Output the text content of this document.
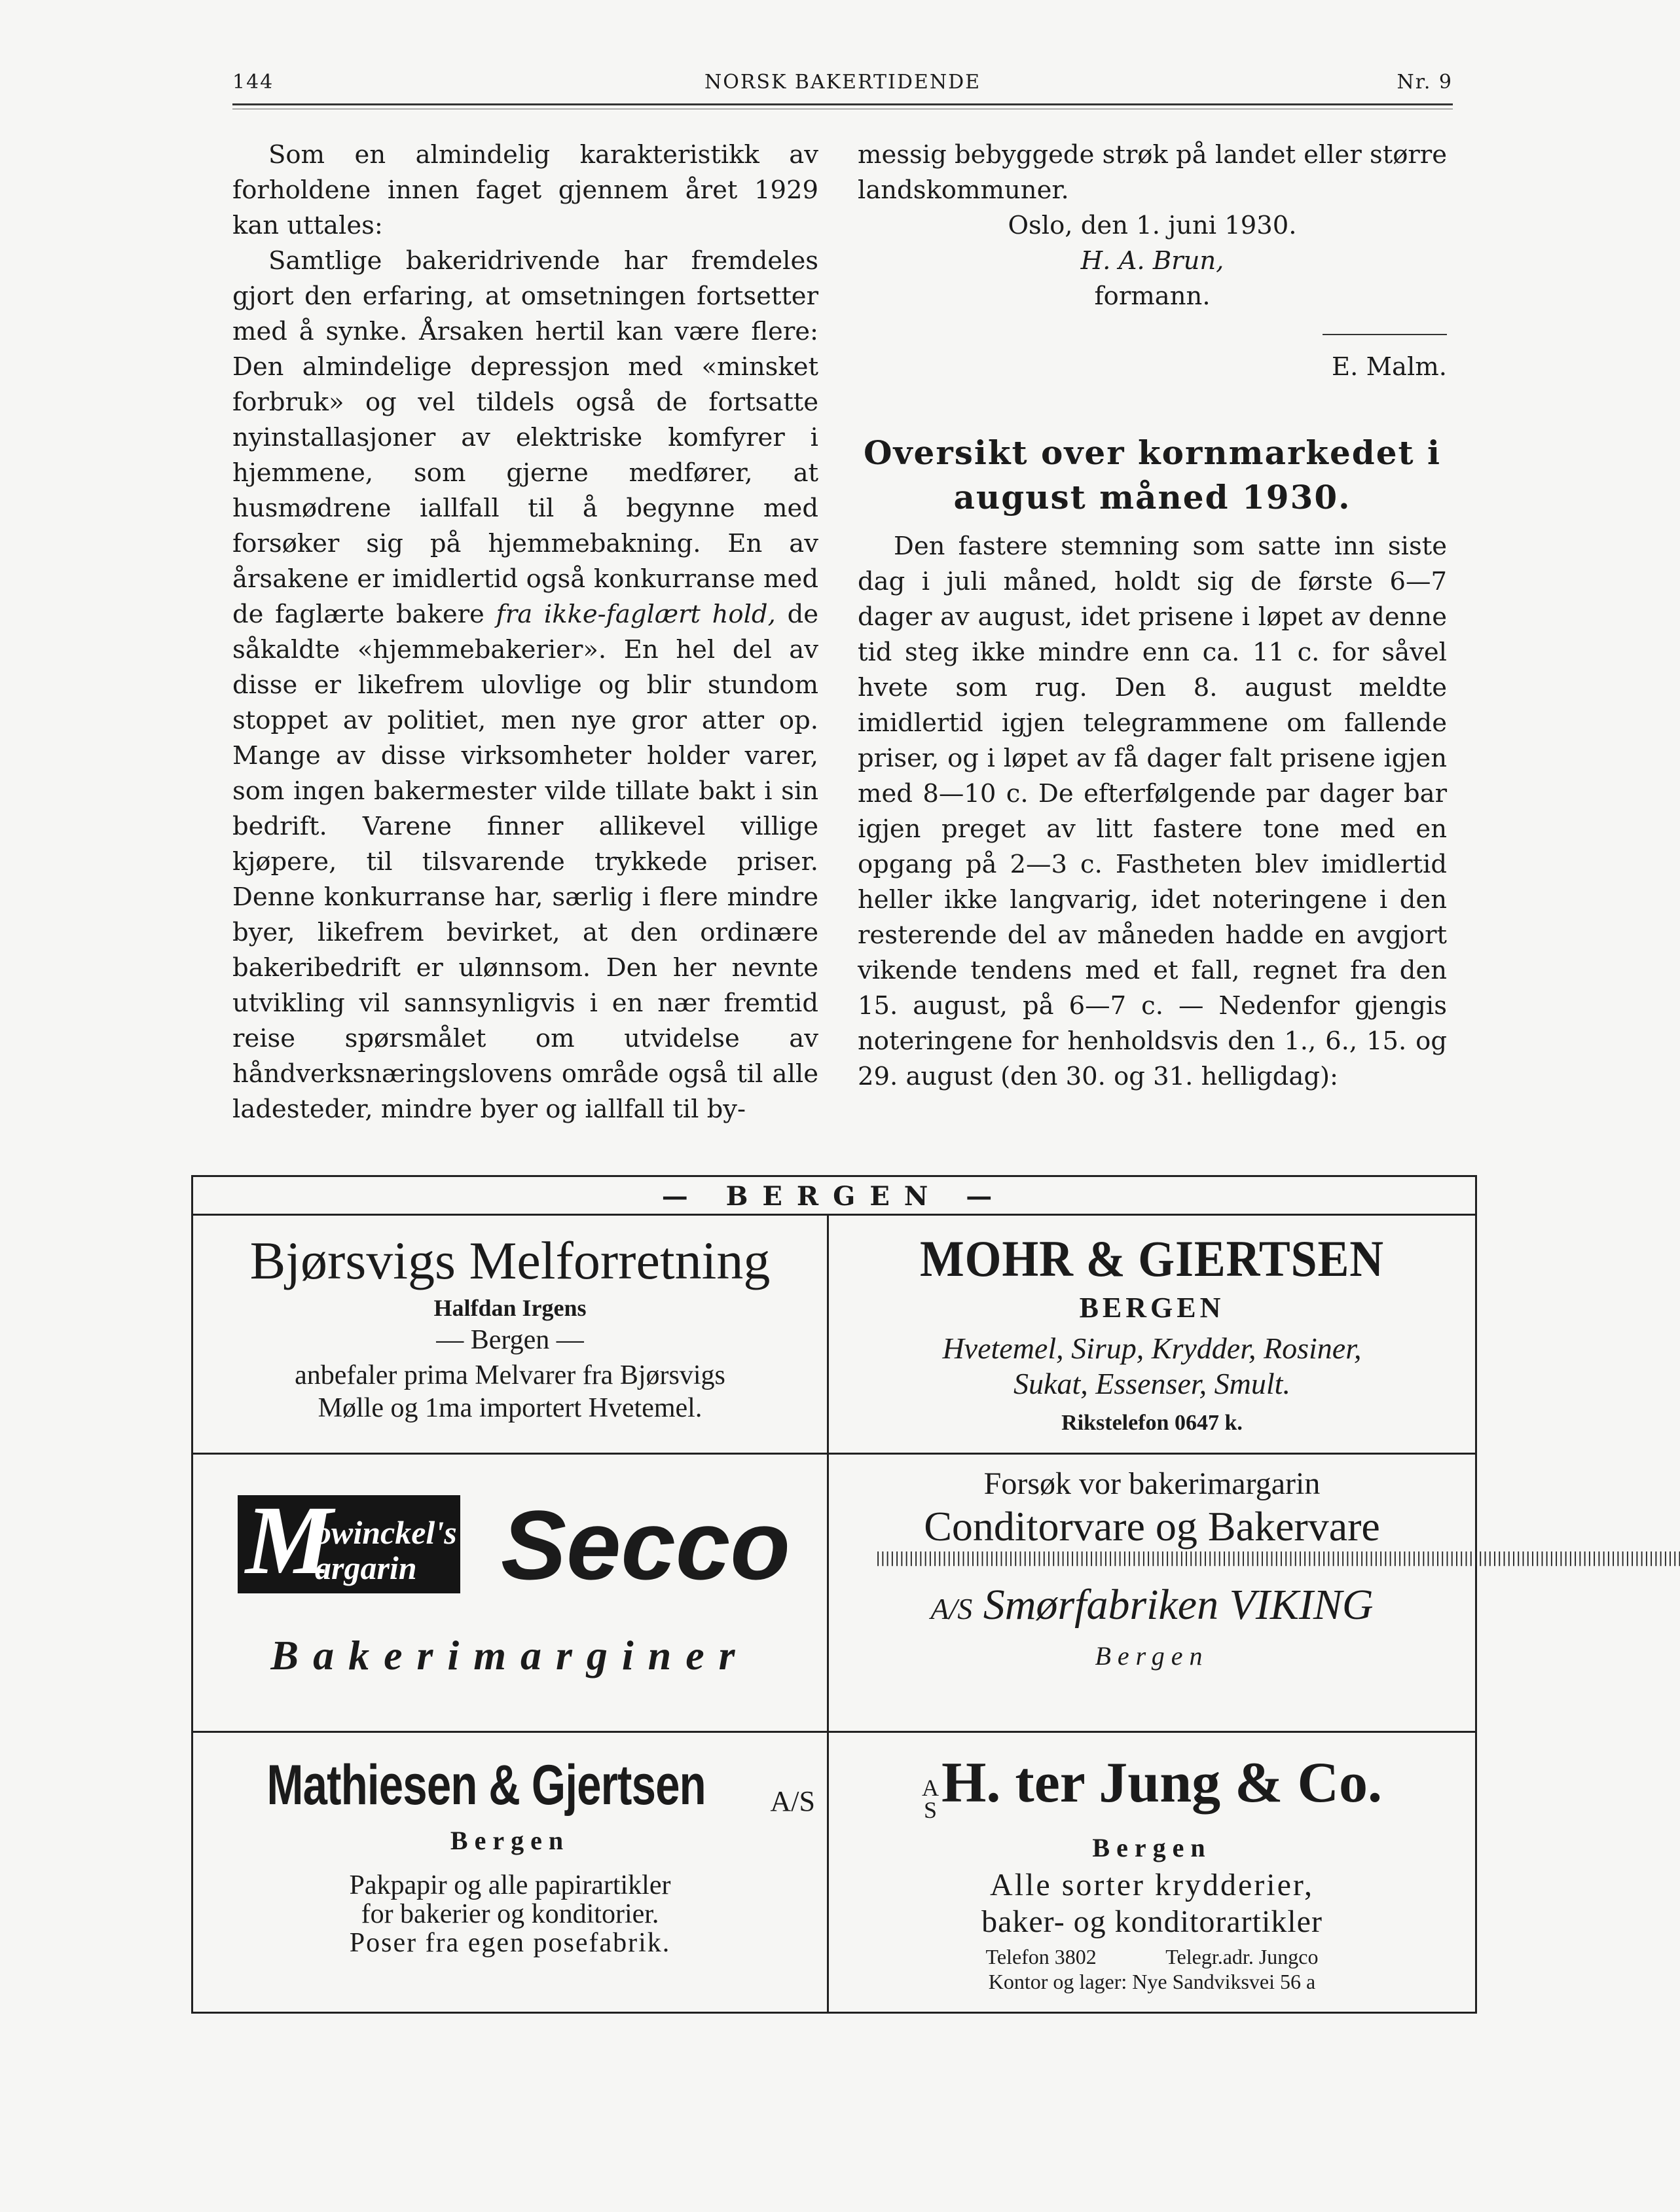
144	NORSK BAKERTIDENDE	Nr. 9

Som en almindelig karakteristikk av forholdene innen faget gjennem året 1929 kan uttales:

Samtlige bakeridrivende har fremdeles gjort den erfaring, at omsetningen fortsetter med å synke. Årsaken hertil kan være flere: Den almindelige depressjon med «minsket forbruk» og vel tildels også de fortsatte nyinstallasjoner av elektriske komfyrer i hjemmene, som gjerne medfører, at husmødrene iallfall til å begynne med forsøker sig på hjemmebakning. En av årsakene er imidlertid også konkurranse med de faglærte bakere fra ikke-faglært hold, de såkaldte «hjemmebakerier». En hel del av disse er likefrem ulovlige og blir stundom stoppet av politiet, men nye gror atter op. Mange av disse virksomheter holder varer, som ingen bakermester vilde tillate bakt i sin bedrift. Varene finner allikevel villige kjøpere, til tilsvarende trykkede priser. Denne konkurranse har, særlig i flere mindre byer, likefrem bevirket, at den ordinære bakeribedrift er ulønnsom. Den her nevnte utvikling vil sannsynligvis i en nær fremtid reise spørsmålet om utvidelse av håndverksnæringslovens område også til alle ladesteder, mindre byer og iallfall til by-

messig bebyggede strøk på landet eller større landskommuner.

Oslo, den 1. juni 1930.

H. A. Brun,

formann.

E. Malm.

Oversikt over kornmarkedet i august måned 1930.

Den fastere stemning som satte inn siste dag i juli måned, holdt sig de første 6—7 dager av august, idet prisene i løpet av denne tid steg ikke mindre enn ca. 11 c. for såvel hvete som rug. Den 8. august meldte imidlertid igjen telegrammene om fallende priser, og i løpet av få dager falt prisene igjen med 8—10 c. De efterfølgende par dager bar igjen preget av litt fastere tone med en opgang på 2—3 c. Fastheten blev imidlertid heller ikke langvarig, idet noteringene i den resterende del av måneden hadde en avgjort vikende tendens med et fall, regnet fra den 15. august, på 6—7 c. — Nedenfor gjengis noteringene for henholdsvis den 1., 6., 15. og 29. august (den 30. og 31. helligdag):

— BERGEN —
Bjørsvigs Melforretning
Halfdan Irgens
— Bergen —
anbefaler prima Melvarer fra Bjørsvigs
Mølle og 1ma importert Hvetemel.
MOHR & GIERTSEN
BERGEN
Hvetemel, Sirup, Krydder, Rosiner,
Sukat, Essenser, Smult.
Rikstelefon 0647 k.
M
owinckel's
argarin Secco
Bakerimarginer
Forsøk vor bakerimargarin
Conditorvare og Bakervare
||||||||||||||||||||||||||||||||||||||||||||||||||||||||||||||||||||||||||||||||||||||||||||||||||||||||||||||||||||||||||||||||||||||||||||||||||||||||||||||||||||||||||
A/S Smørfabriken VIKING
Bergen
Mathiesen & Gjertsen A/S
Bergen
Pakpapir og alle papirartikler
for bakerier og konditorier.
Poser fra egen posefabrik.
A
S H. ter Jung & Co.
Bergen
Alle sorter krydderier,
baker- og konditorartikler
Telefon 3802	Telegr.adr. Jungco
Kontor og lager: Nye Sandviksvei 56 a
